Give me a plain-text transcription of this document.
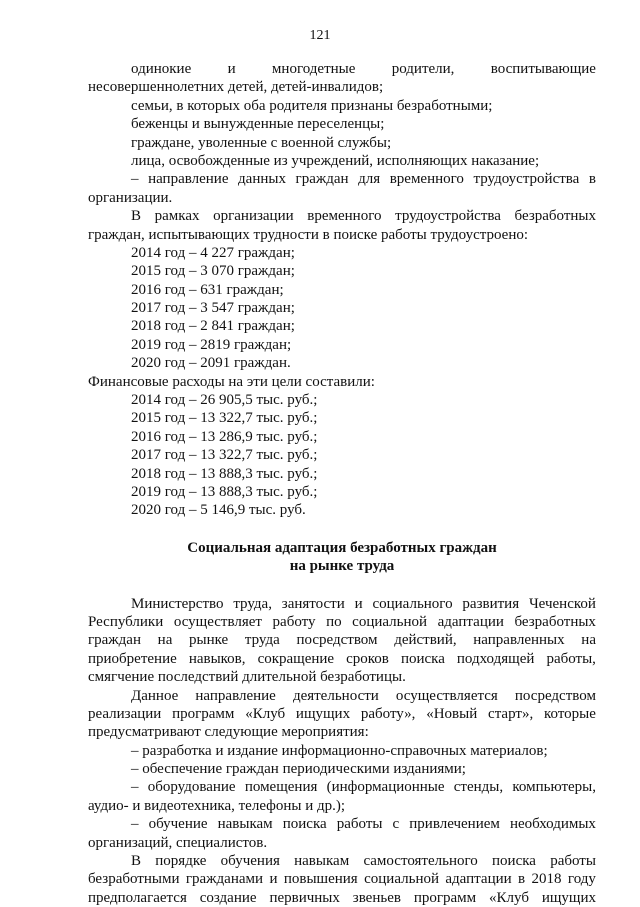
121
одинокие и многодетные родители, воспитывающие
несовершеннолетних детей, детей-инвалидов;
семьи, в которых оба родителя признаны безработными;
беженцы и вынужденные переселенцы;
граждане, уволенные с военной службы;
лица, освобожденные из учреждений, исполняющих наказание;
– направление данных граждан для временного трудоустройства в
организации.
В рамках организации временного трудоустройства безработных
граждан, испытывающих трудности в поиске работы трудоустроено:
2014 год – 4 227 граждан;
2015 год – 3 070 граждан;
2016 год – 631 граждан;
2017 год – 3 547 граждан;
2018 год – 2 841 граждан;
2019 год – 2819 граждан;
2020 год – 2091 граждан.
Финансовые расходы на эти цели составили:
2014 год – 26 905,5 тыс. руб.;
2015 год – 13 322,7 тыс. руб.;
2016 год – 13 286,9 тыс. руб.;
2017 год – 13 322,7 тыс. руб.;
2018 год – 13 888,3 тыс. руб.;
2019 год – 13 888,3 тыс. руб.;
2020 год – 5 146,9 тыс. руб.
Социальная адаптация безработных граждан
на рынке труда
Министерство труда, занятости и социального развития Чеченской
Республики осуществляет работу по социальной адаптации безработных
граждан на рынке труда посредством действий, направленных на
приобретение навыков, сокращение сроков поиска подходящей работы,
смягчение последствий длительной безработицы.
Данное направление деятельности осуществляется посредством
реализации программ «Клуб ищущих работу», «Новый старт», которые
предусматривают следующие мероприятия:
– разработка и издание информационно-справочных материалов;
– обеспечение граждан периодическими изданиями;
– оборудование помещения (информационные стенды, компьютеры,
аудио- и видеотехника, телефоны и др.);
– обучение навыкам поиска работы с привлечением необходимых
организаций, специалистов.
В порядке обучения навыкам самостоятельного поиска работы
безработными гражданами и повышения социальной адаптации в 2018 году
предполагается создание первичных звеньев программ «Клуб ищущих
